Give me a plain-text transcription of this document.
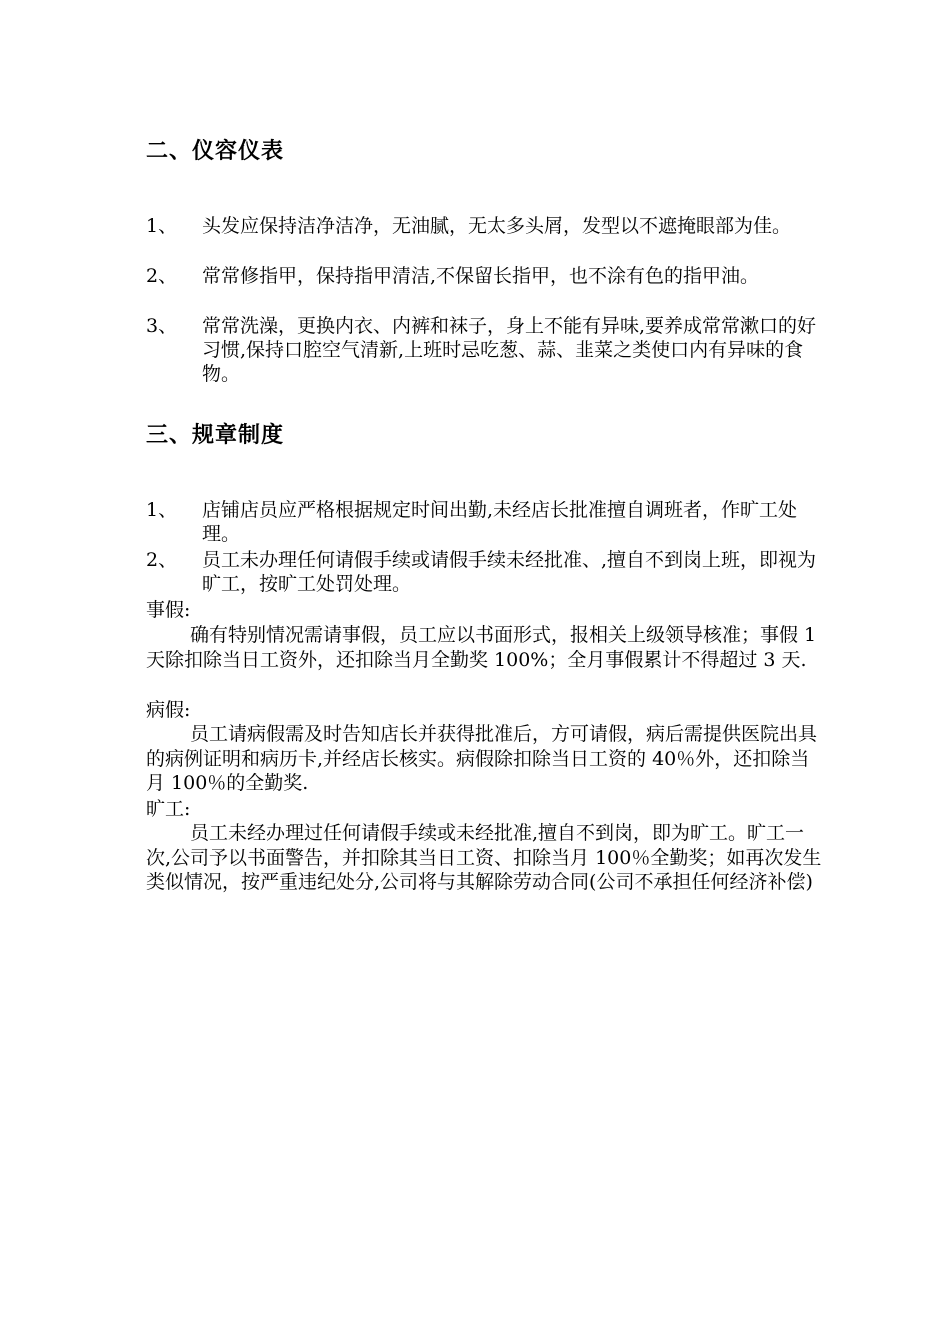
二、仪容仪表
1、	头发应保持洁净洁净，无油腻，无太多头屑，发型以不遮掩眼部为佳。
2、	常常修指甲，保持指甲清洁,不保留长指甲，也不涂有色的指甲油。
3、	常常洗澡，更换内衣、内裤和袜子，身上不能有异味,要养成常常漱口的好习惯,保持口腔空气清新,上班时忌吃葱、蒜、韭菜之类使口内有异味的食物。
三、规章制度
1、	店铺店员应严格根据规定时间出勤,未经店长批准擅自调班者，作旷工处理。
2、	员工未办理任何请假手续或请假手续未经批准、,擅自不到岗上班，即视为旷工，按旷工处罚处理。
事假:
确有特别情况需请事假，员工应以书面形式，报相关上级领导核准；事假 1 天除扣除当日工资外，还扣除当月全勤奖 100%；全月事假累计不得超过 3 天.
病假:
员工请病假需及时告知店长并获得批准后，方可请假，病后需提供医院出具的病例证明和病历卡,并经店长核实。病假除扣除当日工资的 40％外，还扣除当月 100％的全勤奖.
旷工:
员工未经办理过任何请假手续或未经批准,擅自不到岗，即为旷工。旷工一次,公司予以书面警告，并扣除其当日工资、扣除当月 100％全勤奖；如再次发生类似情况，按严重违纪处分,公司将与其解除劳动合同(公司不承担任何经济补偿)
